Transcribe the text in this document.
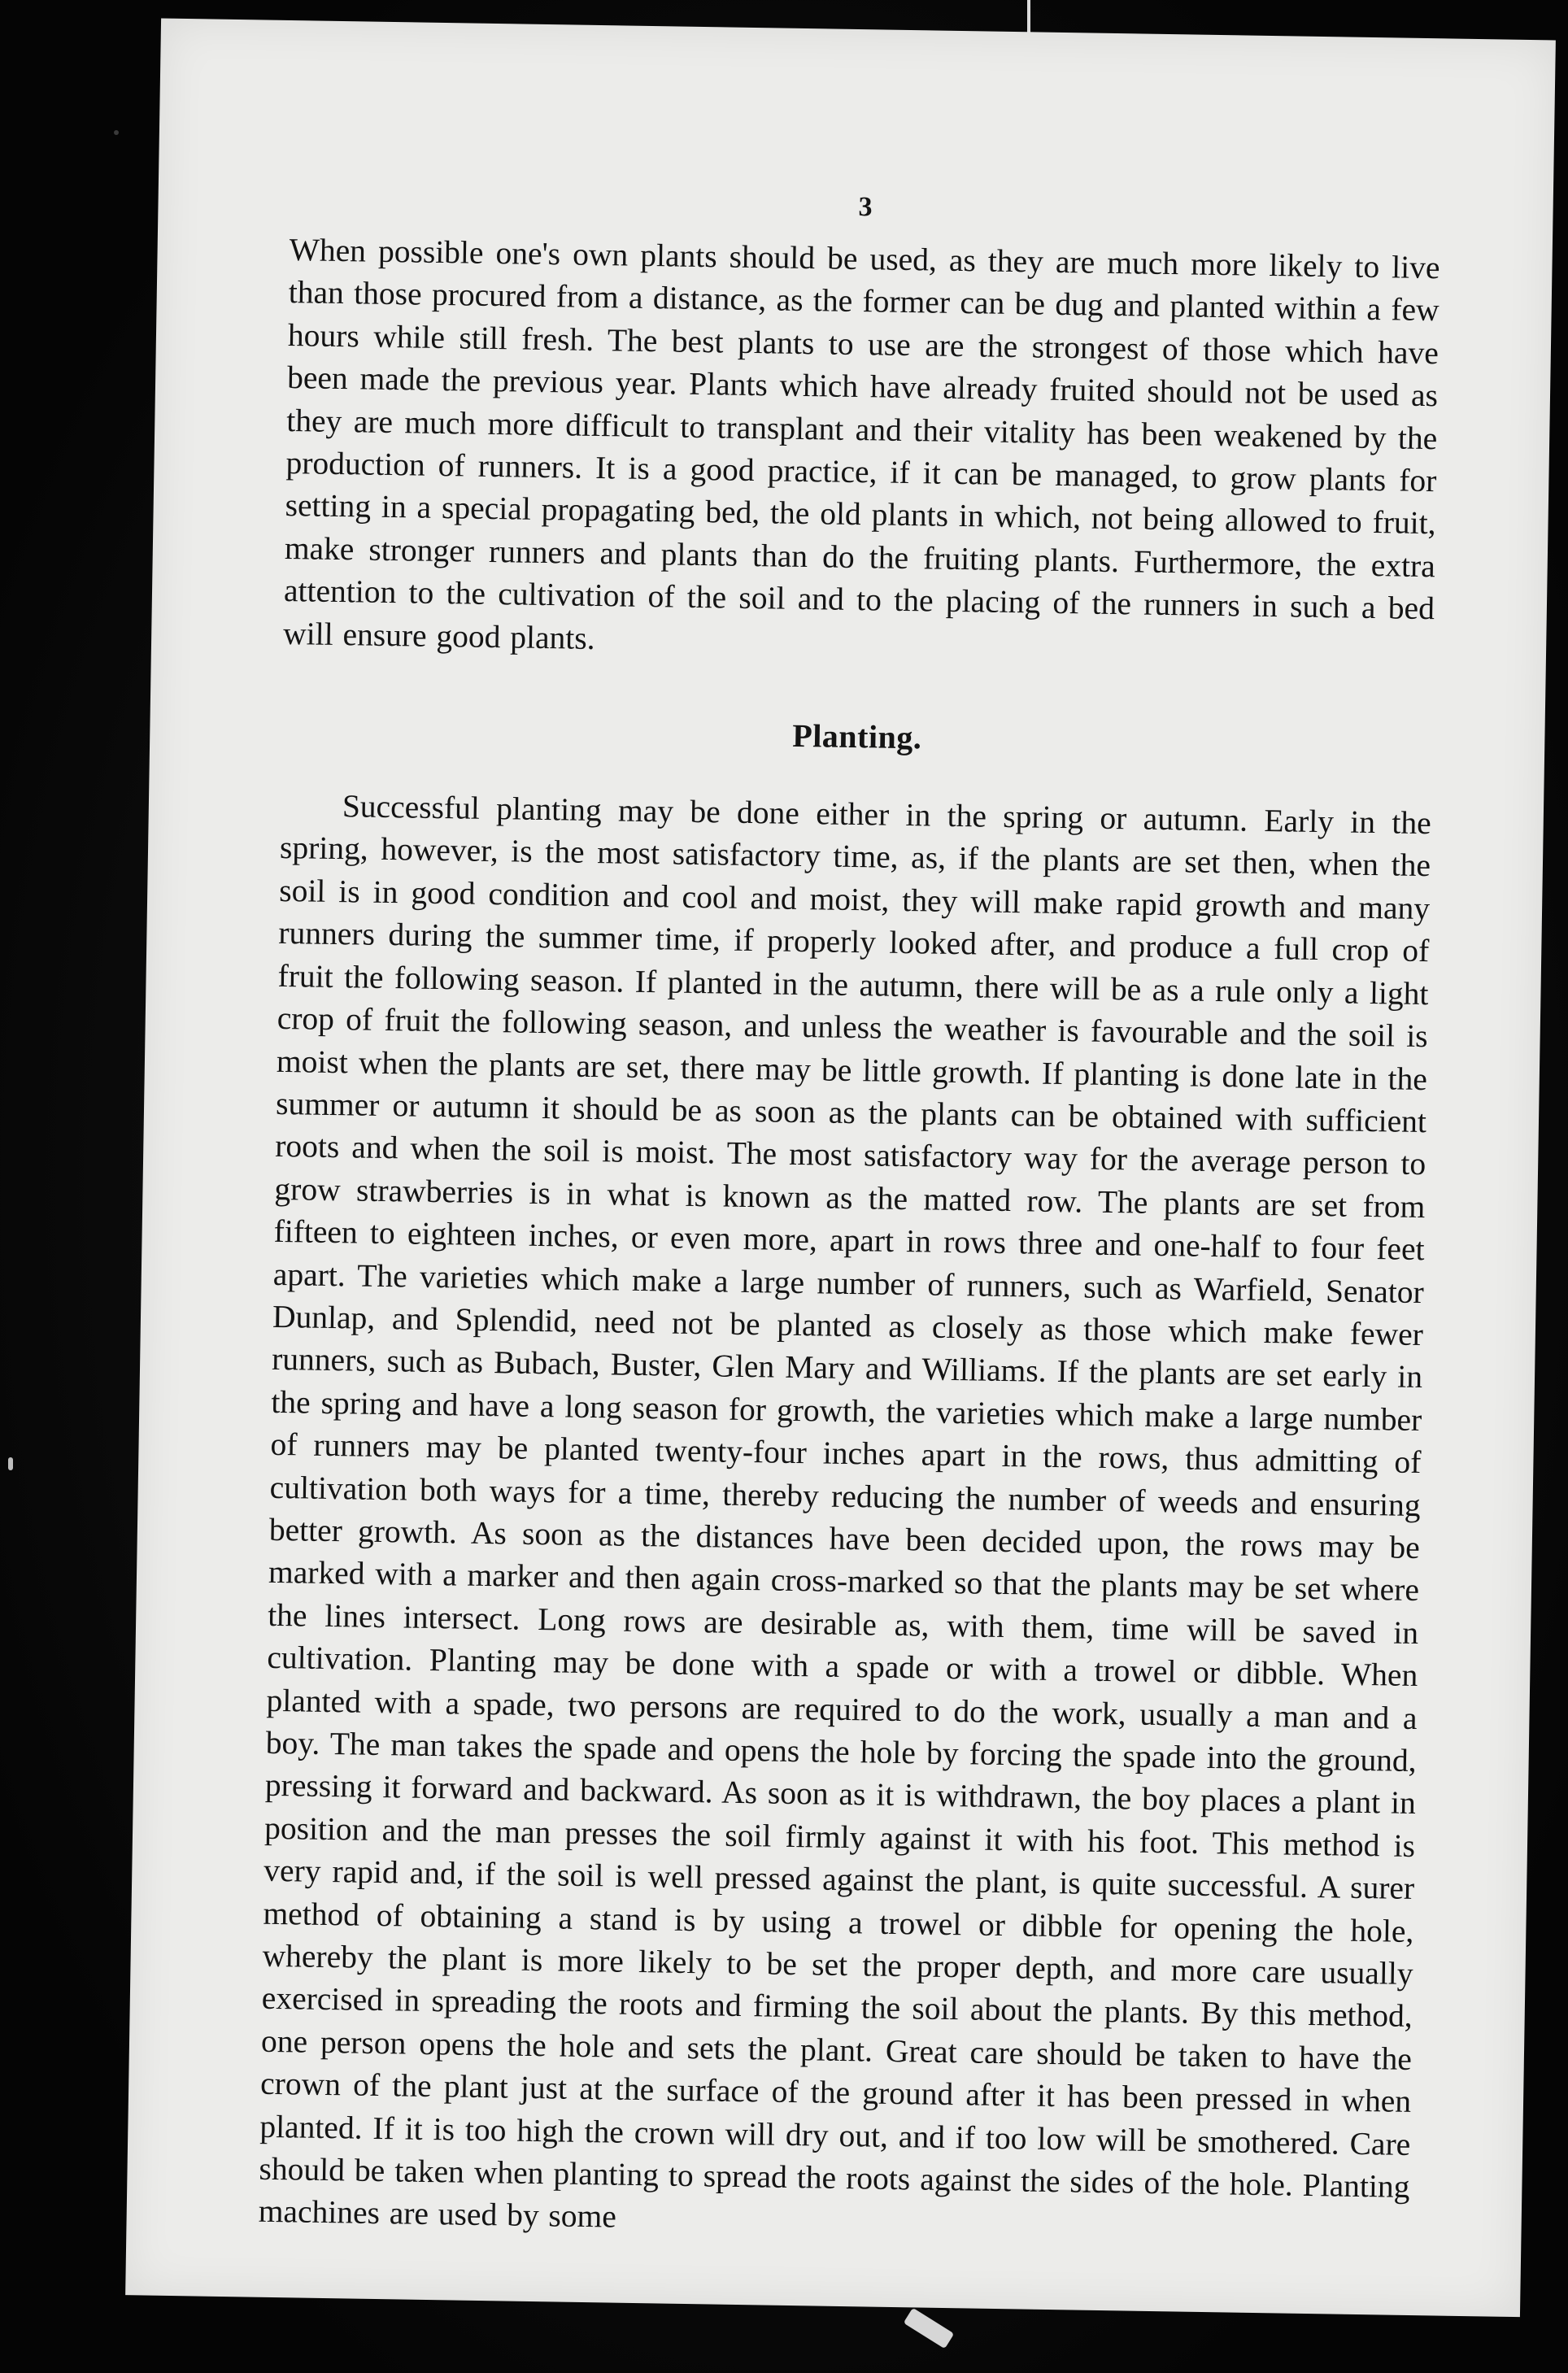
3

When possible one's own plants should be used, as they are much more likely to live than those procured from a distance, as the former can be dug and planted within a few hours while still fresh. The best plants to use are the strongest of those which have been made the previous year. Plants which have already fruited should not be used as they are much more difficult to transplant and their vitality has been weakened by the production of runners. It is a good practice, if it can be managed, to grow plants for setting in a special propagating bed, the old plants in which, not being allowed to fruit, make stronger runners and plants than do the fruiting plants. Furthermore, the extra attention to the cultivation of the soil and to the placing of the runners in such a bed will ensure good plants.

Planting.

Successful planting may be done either in the spring or autumn. Early in the spring, however, is the most satisfactory time, as, if the plants are set then, when the soil is in good condition and cool and moist, they will make rapid growth and many runners during the summer time, if properly looked after, and produce a full crop of fruit the following season. If planted in the autumn, there will be as a rule only a light crop of fruit the following season, and unless the weather is favourable and the soil is moist when the plants are set, there may be little growth. If planting is done late in the summer or autumn it should be as soon as the plants can be obtained with sufficient roots and when the soil is moist. The most satisfactory way for the average person to grow strawberries is in what is known as the matted row. The plants are set from fifteen to eighteen inches, or even more, apart in rows three and one-half to four feet apart. The varieties which make a large number of runners, such as Warfield, Senator Dunlap, and Splendid, need not be planted as closely as those which make fewer runners, such as Bubach, Buster, Glen Mary and Williams. If the plants are set early in the spring and have a long season for growth, the varieties which make a large number of runners may be planted twenty-four inches apart in the rows, thus admitting of cultivation both ways for a time, thereby reducing the number of weeds and ensuring better growth. As soon as the distances have been decided upon, the rows may be marked with a marker and then again cross-marked so that the plants may be set where the lines intersect. Long rows are desirable as, with them, time will be saved in cultivation. Planting may be done with a spade or with a trowel or dibble. When planted with a spade, two persons are required to do the work, usually a man and a boy. The man takes the spade and opens the hole by forcing the spade into the ground, pressing it forward and backward. As soon as it is withdrawn, the boy places a plant in position and the man presses the soil firmly against it with his foot. This method is very rapid and, if the soil is well pressed against the plant, is quite successful. A surer method of obtaining a stand is by using a trowel or dibble for opening the hole, whereby the plant is more likely to be set the proper depth, and more care usually exercised in spreading the roots and firming the soil about the plants. By this method, one person opens the hole and sets the plant. Great care should be taken to have the crown of the plant just at the surface of the ground after it has been pressed in when planted. If it is too high the crown will dry out, and if too low will be smothered. Care should be taken when planting to spread the roots against the sides of the hole. Planting machines are used by some
